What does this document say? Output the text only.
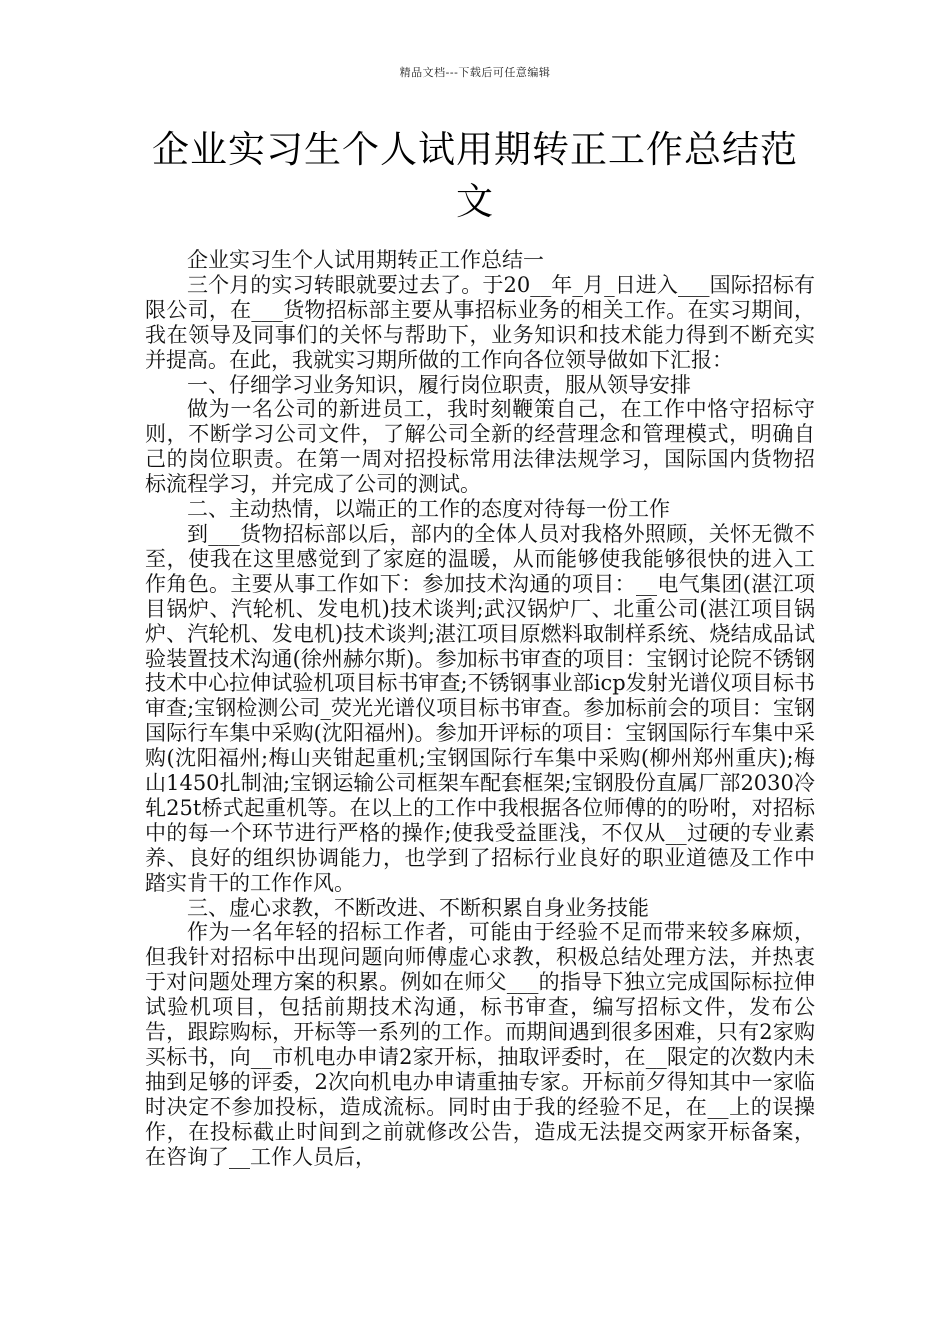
精品文档---下载后可任意编辑
企业实习生个人试用期转正工作总结范文

企业实习生个人试用期转正工作总结一

三个月的实习转眼就要过去了。于20__年_月_日进入___国际招标有限公司，在___货物招标部主要从事招标业务的相关工作。在实习期间，我在领导及同事们的关怀与帮助下，业务知识和技术能力得到不断充实并提高。在此，我就实习期所做的工作向各位领导做如下汇报：

一、仔细学习业务知识，履行岗位职责，服从领导安排

做为一名公司的新进员工，我时刻鞭策自己，在工作中恪守招标守则，不断学习公司文件，了解公司全新的经营理念和管理模式，明确自己的岗位职责。在第一周对招投标常用法律法规学习，国际国内货物招标流程学习，并完成了公司的测试。

二、主动热情，以端正的工作的态度对待每一份工作

到___货物招标部以后，部内的全体人员对我格外照顾，关怀无微不至，使我在这里感觉到了家庭的温暖，从而能够使我能够很快的进入工作角色。主要从事工作如下：参加技术沟通的项目：__电气集团(湛江项目锅炉、汽轮机、发电机)技术谈判;武汉锅炉厂、北重公司(湛江项目锅炉、汽轮机、发电机)技术谈判;湛江项目原燃料取制样系统、烧结成品试验装置技术沟通(徐州赫尔斯)。参加标书审查的项目：宝钢讨论院不锈钢技术中心拉伸试验机项目标书审查;不锈钢事业部icp发射光谱仪项目标书审查;宝钢检测公司_荧光光谱仪项目标书审查。参加标前会的项目：宝钢国际行车集中采购(沈阳福州)。参加开评标的项目：宝钢国际行车集中采购(沈阳福州;梅山夹钳起重机;宝钢国际行车集中采购(柳州郑州重庆);梅山1450扎制油;宝钢运输公司框架车配套框架;宝钢股份直属厂部2030冷轧25t桥式起重机等。在以上的工作中我根据各位师傅的的吩咐，对招标中的每一个环节进行严格的操作;使我受益匪浅，不仅从__过硬的专业素养、良好的组织协调能力，也学到了招标行业良好的职业道德及工作中踏实肯干的工作作风。

三、虚心求教，不断改进、不断积累自身业务技能

作为一名年轻的招标工作者，可能由于经验不足而带来较多麻烦，但我针对招标中出现问题向师傅虚心求教，积极总结处理方法，并热衷于对问题处理方案的积累。例如在师父___的指导下独立完成国际标拉伸试验机项目，包括前期技术沟通，标书审查，编写招标文件，发布公告，跟踪购标，开标等一系列的工作。而期间遇到很多困难，只有2家购买标书，向__市机电办申请2家开标，抽取评委时，在__限定的次数内未抽到足够的评委，2次向机电办申请重抽专家。开标前夕得知其中一家临时决定不参加投标，造成流标。同时由于我的经验不足，在__上的误操作，在投标截止时间到之前就修改公告，造成无法提交两家开标备案，在咨询了__工作人员后，
